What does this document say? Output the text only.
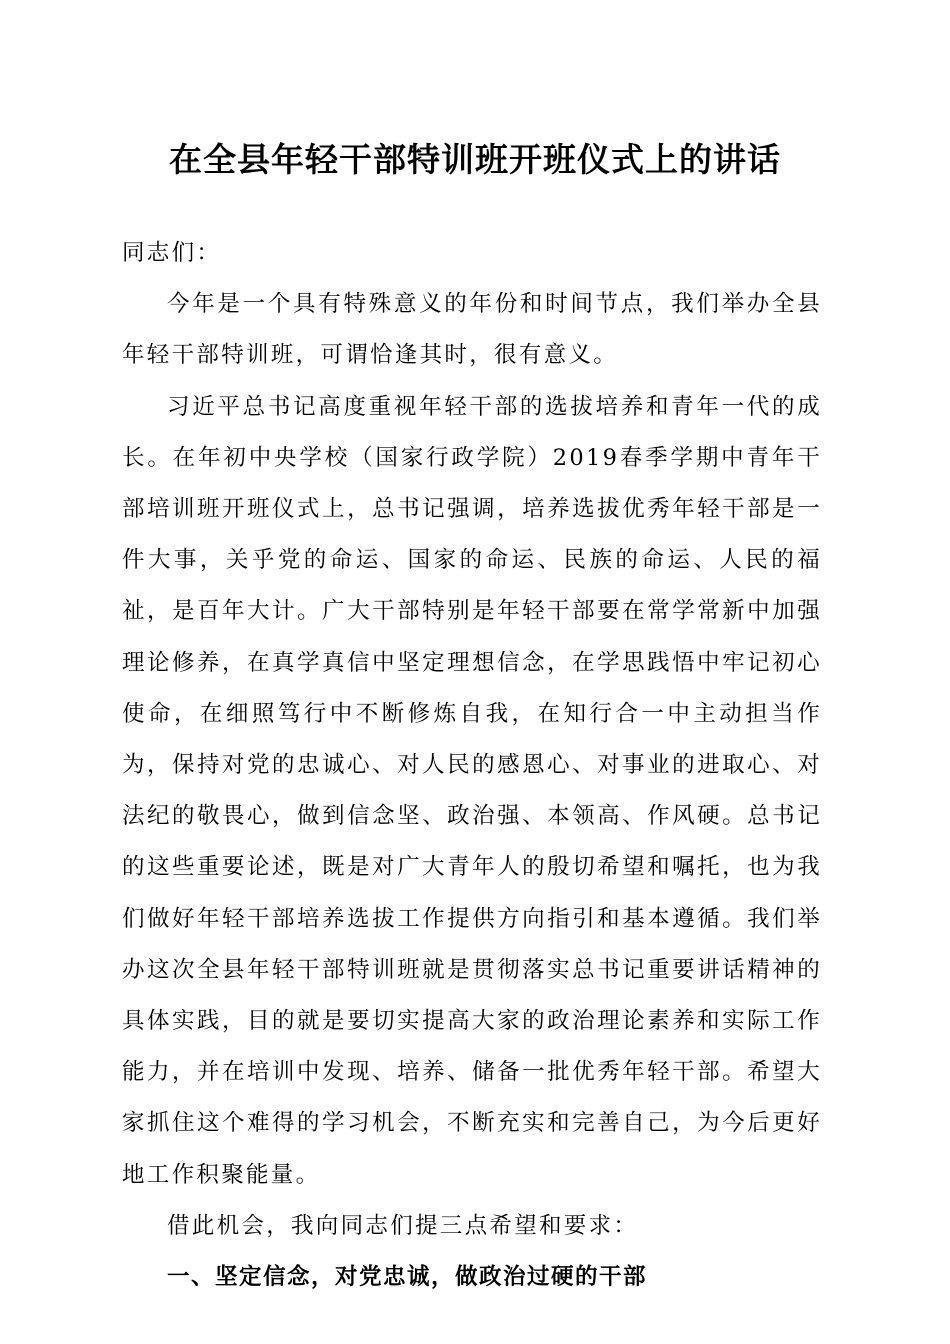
在全县年轻干部特训班开班仪式上的讲话

同志们：

今年是一个具有特殊意义的年份和时间节点，我们举办全县年轻干部特训班，可谓恰逢其时，很有意义。

习近平总书记高度重视年轻干部的选拔培养和青年一代的成长。在年初中央学校（国家行政学院）2019春季学期中青年干部培训班开班仪式上，总书记强调，培养选拔优秀年轻干部是一件大事，关乎党的命运、国家的命运、民族的命运、人民的福祉，是百年大计。广大干部特别是年轻干部要在常学常新中加强理论修养，在真学真信中坚定理想信念，在学思践悟中牢记初心使命，在细照笃行中不断修炼自我，在知行合一中主动担当作为，保持对党的忠诚心、对人民的感恩心、对事业的进取心、对法纪的敬畏心，做到信念坚、政治强、本领高、作风硬。总书记的这些重要论述，既是对广大青年人的殷切希望和嘱托，也为我们做好年轻干部培养选拔工作提供方向指引和基本遵循。我们举办这次全县年轻干部特训班就是贯彻落实总书记重要讲话精神的具体实践，目的就是要切实提高大家的政治理论素养和实际工作能力，并在培训中发现、培养、储备一批优秀年轻干部。希望大家抓住这个难得的学习机会，不断充实和完善自己，为今后更好地工作积聚能量。

借此机会，我向同志们提三点希望和要求：

一、坚定信念，对党忠诚，做政治过硬的干部
